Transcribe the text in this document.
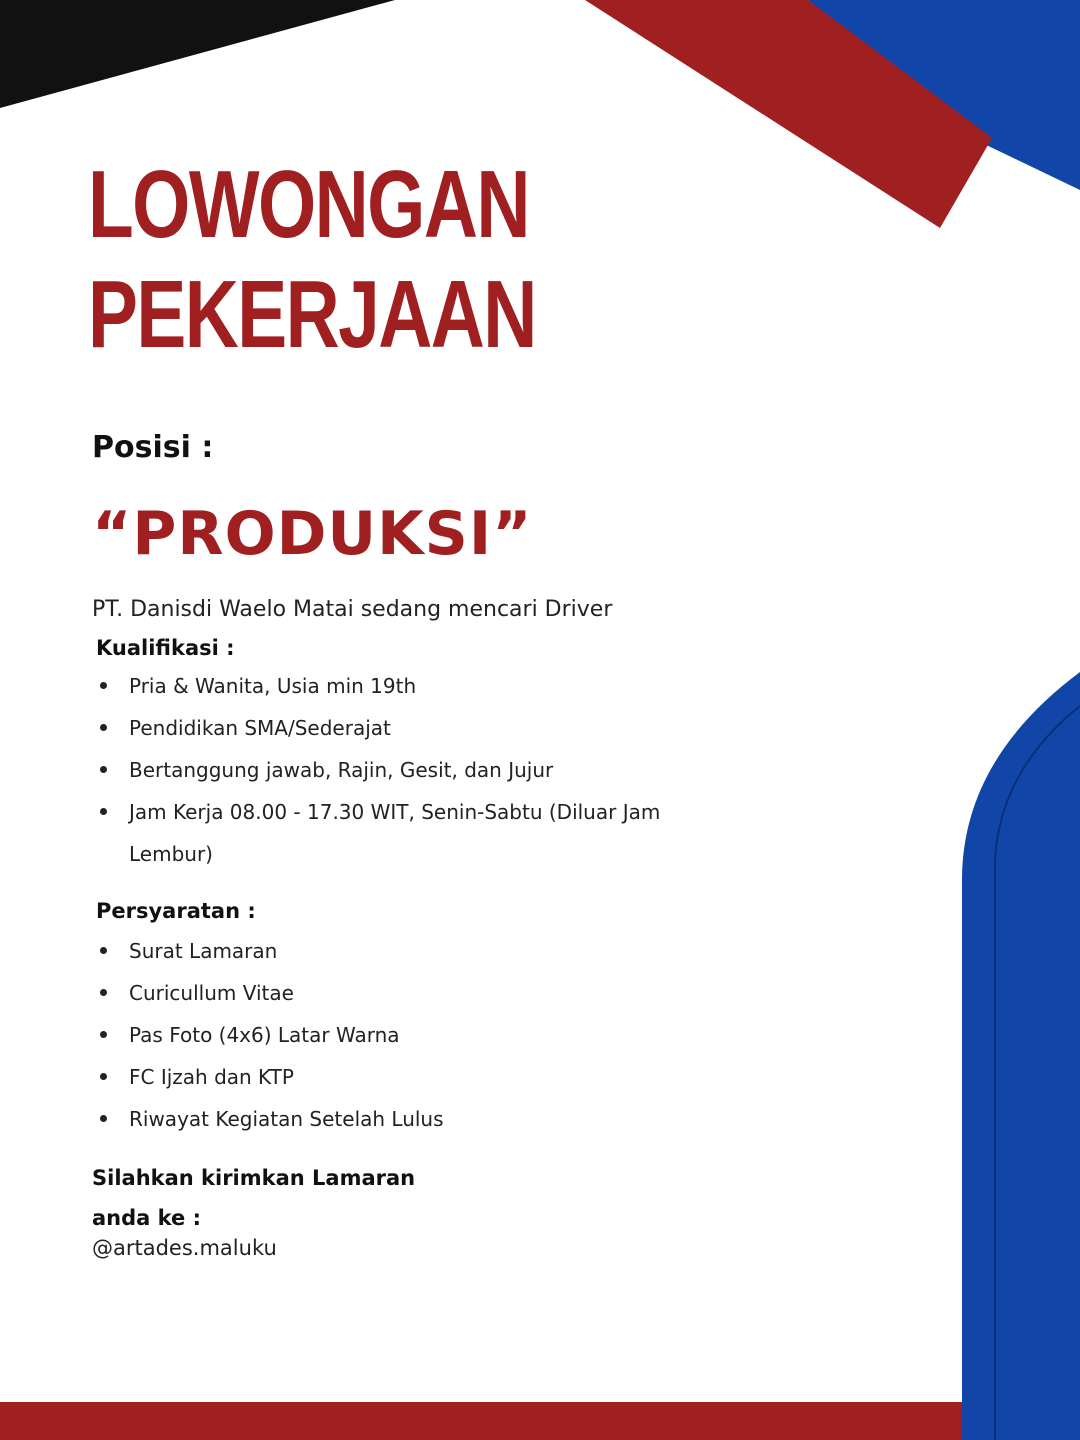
LOWONGAN
PEKERJAAN
Posisi :
“PRODUKSI”
PT. Danisdi Waelo Matai sedang mencari Driver
Kualifikasi :
Pria & Wanita, Usia min 19th
Pendidikan SMA/Sederajat
Bertanggung jawab, Rajin, Gesit, dan Jujur
Jam Kerja 08.00 - 17.30 WIT, Senin-Sabtu (Diluar Jam Lembur)
Persyaratan :
Surat Lamaran
Curicullum Vitae
Pas Foto (4x6) Latar Warna
FC Ijzah dan KTP
Riwayat Kegiatan Setelah Lulus
Silahkan kirimkan Lamaran
anda ke :
@artades.maluku
